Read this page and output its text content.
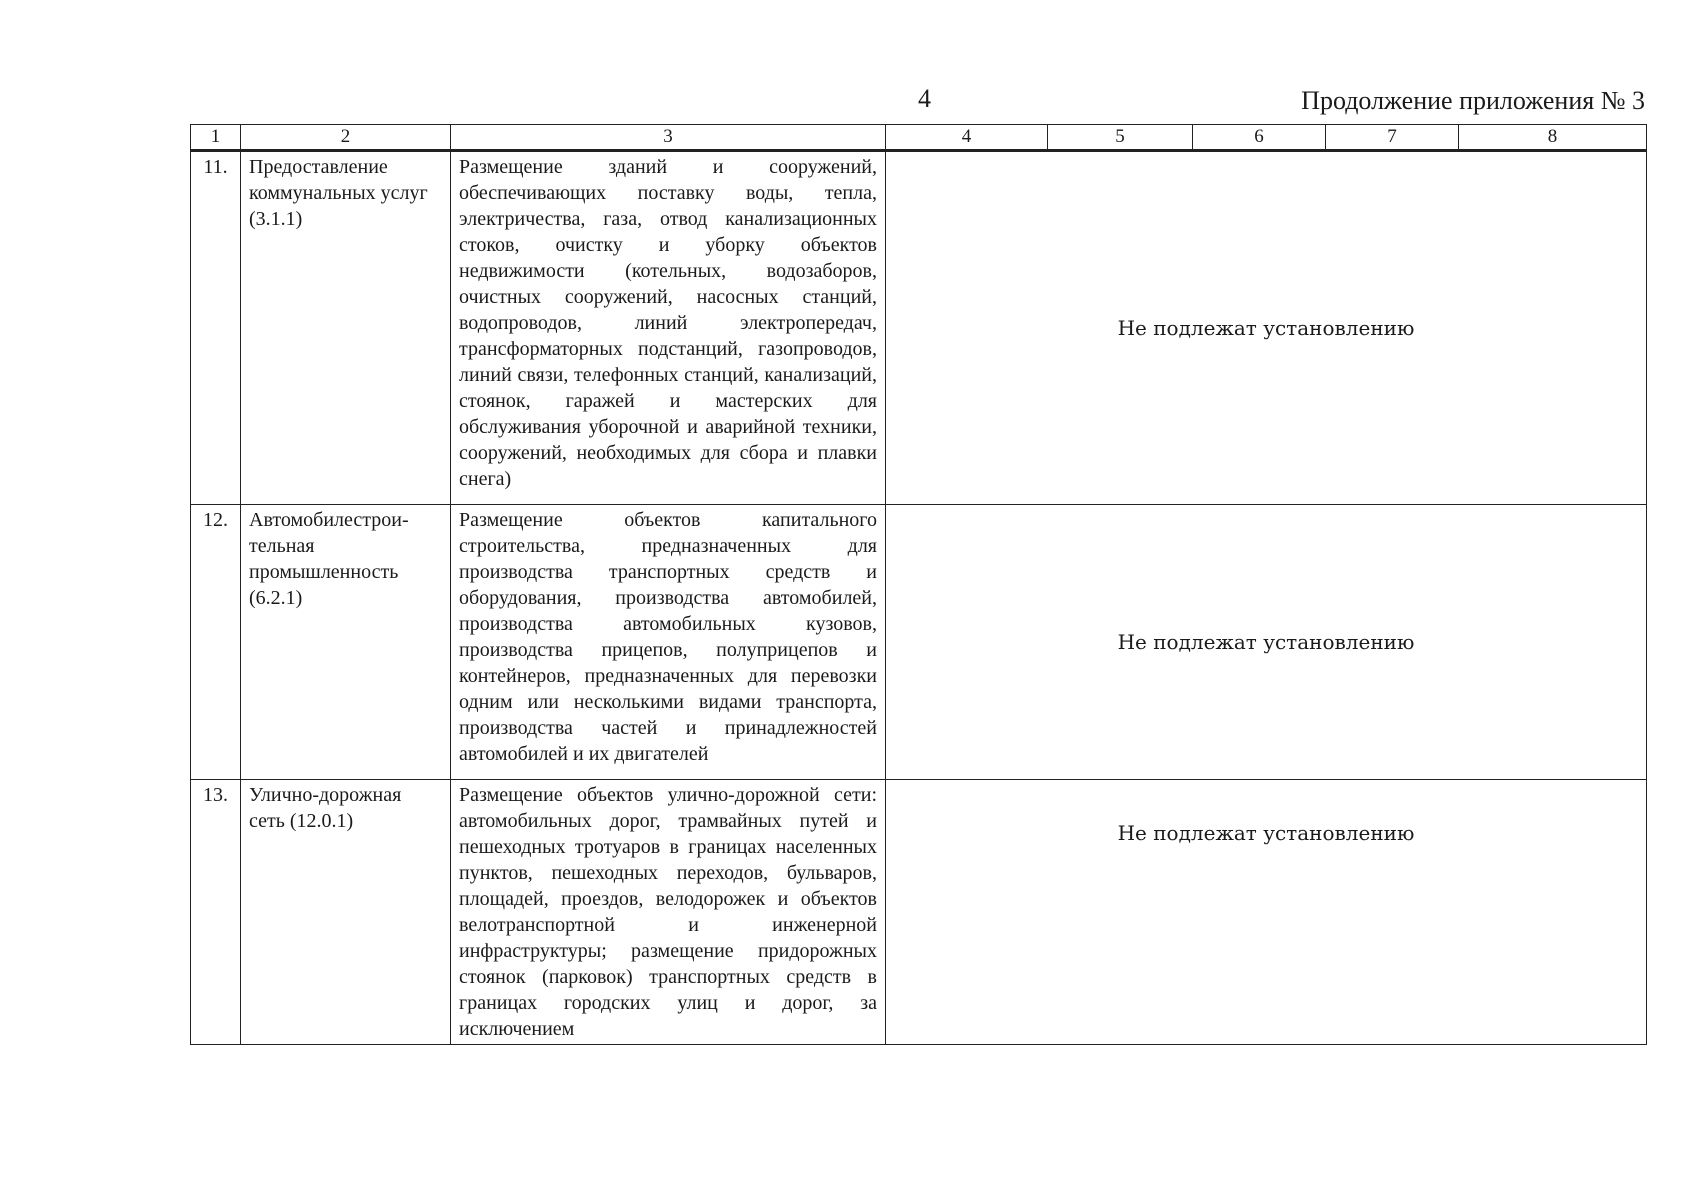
4	Продолжение приложения № 3
1	2	3	4	5	6	7	8
11.	Предоставление коммунальных услуг (3.1.1)	Размещение зданий и сооружений, обеспечивающих поставку воды, тепла, электричества, газа, отвод канализационных стоков, очистку и уборку объектов недвижимости (котельных, водозаборов, очистных сооружений, насосных станций, водопроводов, линий электропередач, трансформаторных подстанций, газопроводов, линий связи, телефонных станций, канализаций, стоянок, гаражей и мастерских для обслуживания уборочной и аварийной техники, сооружений, необходимых для сбора и плавки снега)	Не подлежат установлению				
12.	Автомобилестрои-тельная промышленность (6.2.1)	Размещение объектов капитального строительства, предназначенных для производства транспортных средств и оборудования, производства автомобилей, производства автомобильных кузовов, производства прицепов, полуприцепов и контейнеров, предназначенных для перевозки одним или несколькими видами транспорта, производства частей и принадлежностей автомобилей и их двигателей	Не подлежат установлению				
13.	Улично-дорожная сеть (12.0.1)	Размещение объектов улично-дорожной сети: автомобильных дорог, трамвайных путей и пешеходных тротуаров в границах населенных пунктов, пешеходных переходов, бульваров, площадей, проездов, велодорожек и объектов велотранспортной и инженерной инфраструктуры; размещение придорожных стоянок (парковок) транспортных средств в границах городских улиц и дорог, за исключением	Не подлежат установлению				
